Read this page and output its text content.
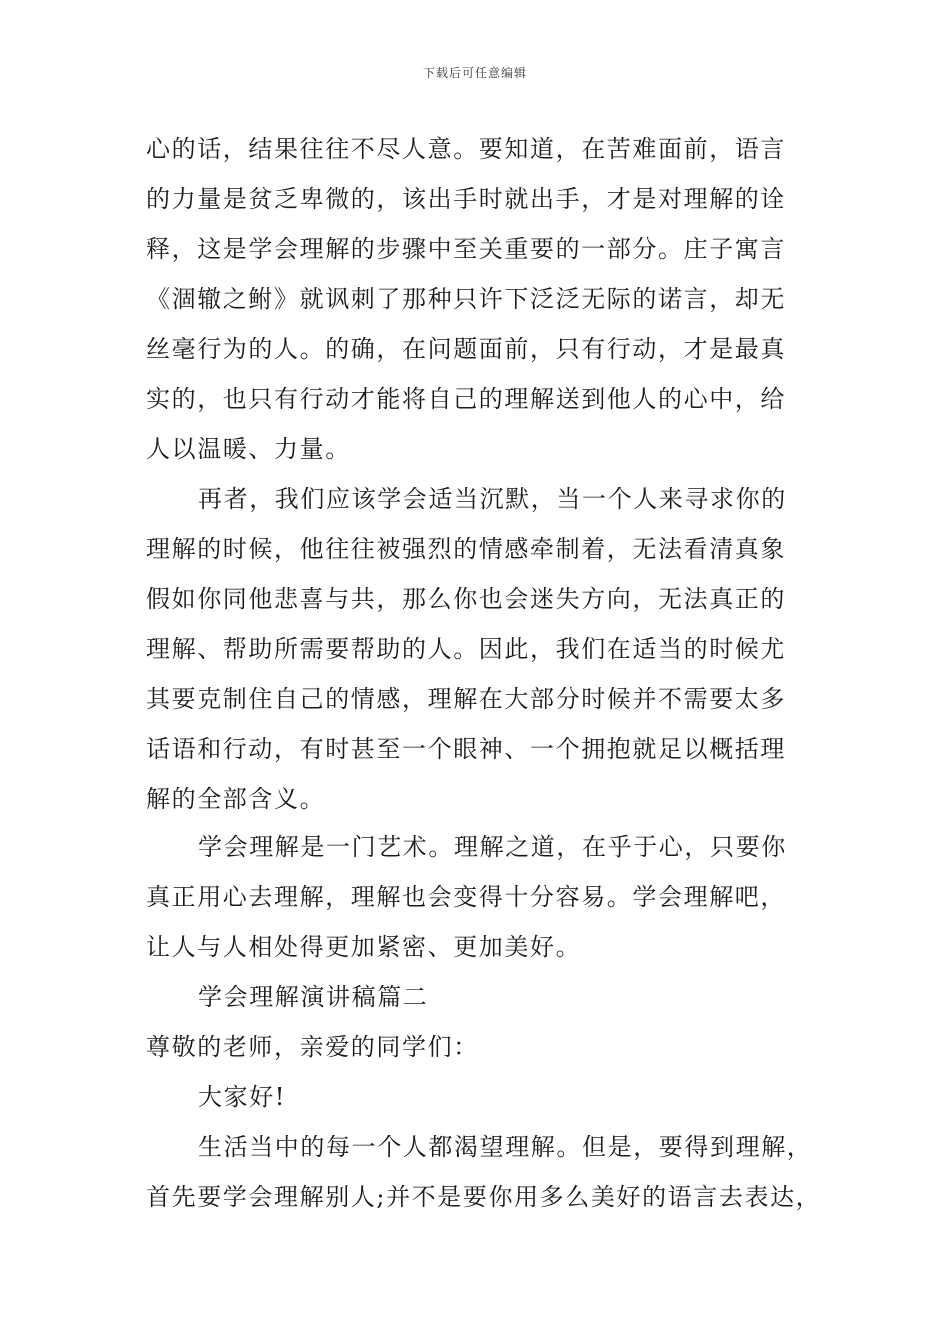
下载后可任意编辑
心的话，结果往往不尽人意。要知道，在苦难面前，语言
的力量是贫乏卑微的，该出手时就出手，才是对理解的诠
释，这是学会理解的步骤中至关重要的一部分。庄子寓言
《涸辙之鲋》就讽刺了那种只许下泛泛无际的诺言，却无
丝毫行为的人。的确，在问题面前，只有行动，才是最真
实的，也只有行动才能将自己的理解送到他人的心中，给
人以温暖、力量。
再者，我们应该学会适当沉默，当一个人来寻求你的
理解的时候，他往往被强烈的情感牵制着，无法看清真象
假如你同他悲喜与共，那么你也会迷失方向，无法真正的
理解、帮助所需要帮助的人。因此，我们在适当的时候尤
其要克制住自己的情感，理解在大部分时候并不需要太多
话语和行动，有时甚至一个眼神、一个拥抱就足以概括理
解的全部含义。
学会理解是一门艺术。理解之道，在乎于心，只要你
真正用心去理解，理解也会变得十分容易。学会理解吧，
让人与人相处得更加紧密、更加美好。
学会理解演讲稿篇二
尊敬的老师，亲爱的同学们：
大家好!
生活当中的每一个人都渴望理解。但是，要得到理解，
首先要学会理解别人;并不是要你用多么美好的语言去表达，
